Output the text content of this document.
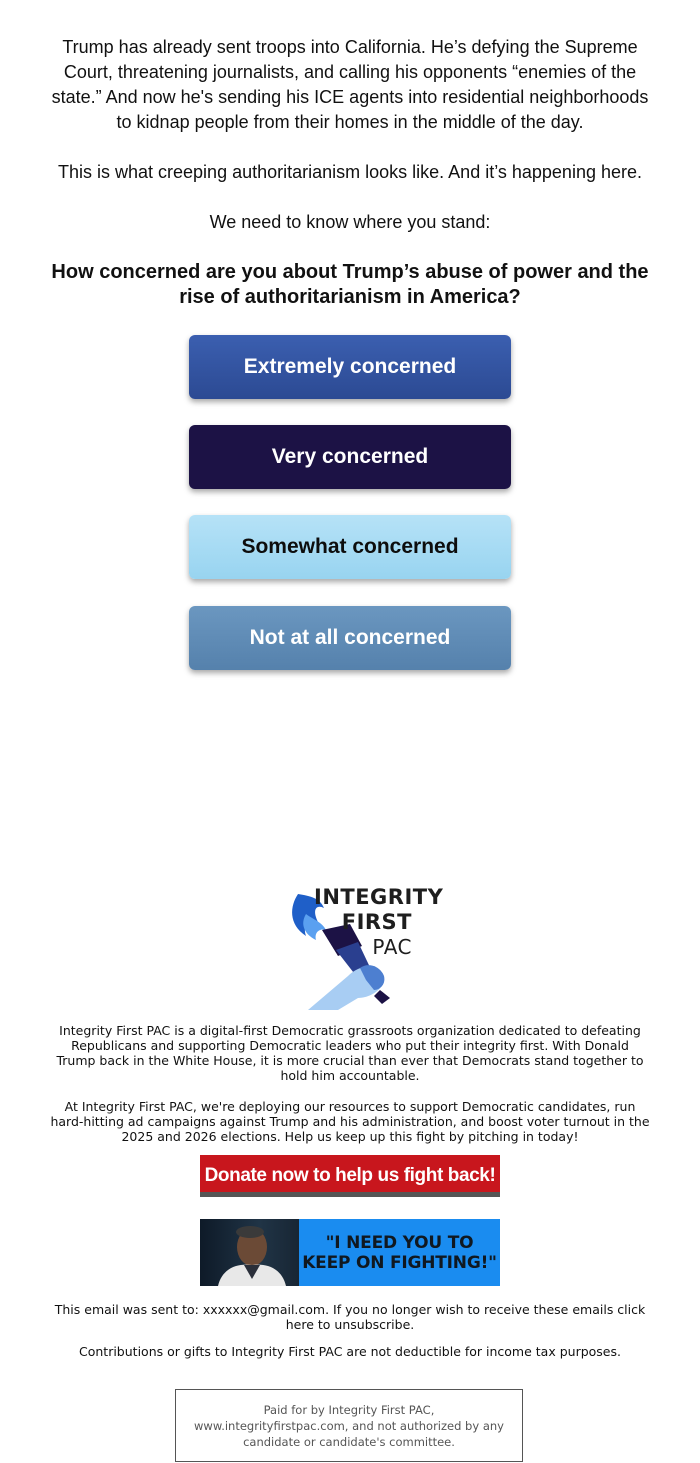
Trump has already sent troops into California. He’s defying the Supreme Court, threatening journalists, and calling his opponents “enemies of the state.” And now he's sending his ICE agents into residential neighborhoods to kidnap people from their homes in the middle of the day.

This is what creeping authoritarianism looks like. And it’s happening here.

We need to know where you stand:

How concerned are you about Trump’s abuse of power and the rise of authoritarianism in America?

Extremely concerned
Very concerned
Somewhat concerned
Not at all concerned
INTEGRITY
FIRST
PAC

Integrity First PAC is a digital-first Democratic grassroots organization dedicated to defeating Republicans and supporting Democratic leaders who put their integrity first. With Donald Trump back in the White House, it is more crucial than ever that Democrats stand together to hold him accountable.

At Integrity First PAC, we're deploying our resources to support Democratic candidates, run hard-hitting ad campaigns against Trump and his administration, and boost voter turnout in the 2025 and 2026 elections. Help us keep up this fight by pitching in today!

Donate now to help us fight back!
"I NEED YOU TO KEEP ON FIGHTING!"

This email was sent to: xxxxxx@gmail.com. If you no longer wish to receive these emails click here to unsubscribe.

Contributions or gifts to Integrity First PAC are not deductible for income tax purposes.

Paid for by Integrity First PAC, www.integrityfirstpac.com, and not authorized by any candidate or candidate's committee.
